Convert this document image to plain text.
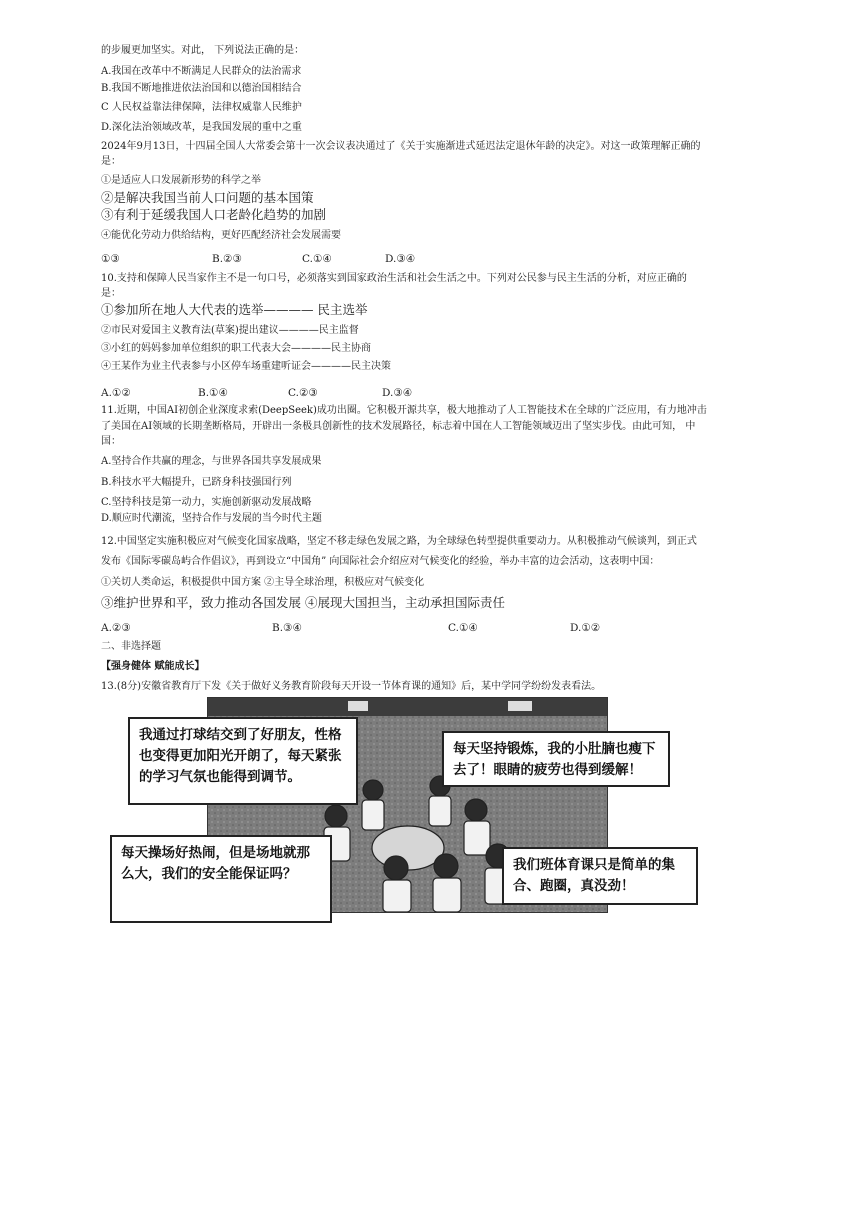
的步履更加坚实。对此， 下列说法正确的是：
A.我国在改革中不断满足人民群众的法治需求
B.我国不断地推进依法治国和以德治国相结合
C 人民权益靠法律保障，法律权威靠人民维护
D.深化法治领域改革，是我国发展的重中之重
2024年9月13日，十四届全国人大常委会第十一次会议表决通过了《关于实施渐进式延迟法定退休年龄的决定》。对这一政策理解正确的
是：
①是适应人口发展新形势的科学之举
②是解决我国当前人口问题的基本国策
③有利于延缓我国人口老龄化趋势的加剧
④能优化劳动力供给结构，更好匹配经济社会发展需要
①③	B.②③	C.①④	D.③④
10.支持和保障人民当家作主不是一句口号，必须落实到国家政治生活和社会生活之中。下列对公民参与民主生活的分析，对应正确的
是：
①参加所在地人大代表的选举———— 民主选举
②市民对爱国主义教育法(草案)提出建议————民主监督
③小红的妈妈参加单位组织的职工代表大会————民主协商
④王某作为业主代表参与小区停车场重建听证会————民主决策
A.①②	B.①④	C.②③	D.③④
11.近期，中国AI初创企业深度求索(DeepSeek)成功出圈。它积极开源共享，极大地推动了人工智能技术在全球的广泛应用，有力地冲击
了美国在AI领域的长期垄断格局，开辟出一条极具创新性的技术发展路径，标志着中国在人工智能领域迈出了坚实步伐。由此可知， 中
国：
A.坚持合作共赢的理念，与世界各国共享发展成果
B.科技水平大幅提升，已跻身科技强国行列
C.坚持科技是第一动力，实施创新驱动发展战略
D.顺应时代潮流，坚持合作与发展的当今时代主题
12.中国坚定实施积极应对气候变化国家战略，坚定不移走绿色发展之路，为全球绿色转型提供重要动力。从积极推动气候谈判，到正式
发布《国际零碳岛屿合作倡议》，再到设立“中国角” 向国际社会介绍应对气候变化的经验，举办丰富的边会活动，这表明中国：
①关切人类命运，积极提供中国方案 ②主导全球治理，积极应对气候变化
③维护世界和平，致力推动各国发展 ④展现大国担当，主动承担国际责任
A.②③	B.③④	C.①④	D.①②
二、非选择题
【强身健体 赋能成长】
13.(8分)安徽省教育厅下发《关于做好义务教育阶段每天开设一节体育课的通知》后，某中学同学纷纷发表看法。
我通过打球结交到了好朋友，性格也变得更加阳光开朗了，每天紧张的学习气氛也能得到调节。
每天坚持锻炼，我的小肚腩也瘦下去了！眼睛的疲劳也得到缓解！
每天操场好热闹，但是场地就那么大，我们的安全能保证吗？
我们班体育课只是简单的集合、跑圈，真没劲！
